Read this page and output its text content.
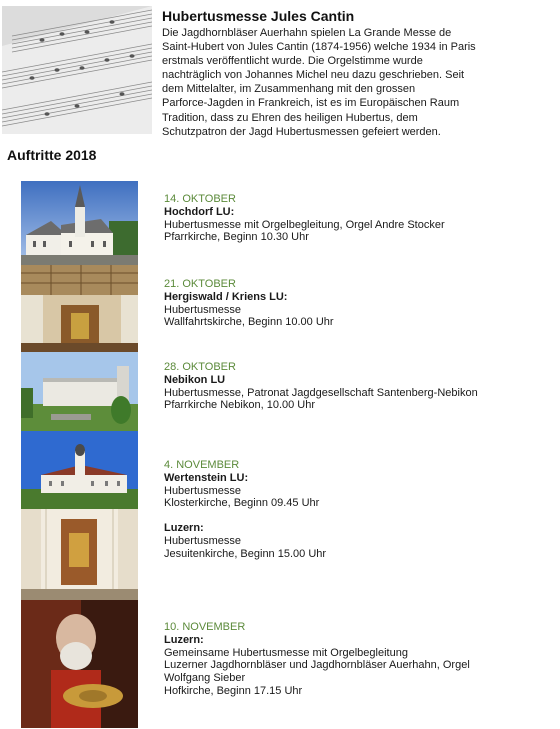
Hubertusmesse Jules Cantin
Die Jagdhornbläser Auerhahn spielen La Grande Messe de
Saint-Hubert von Jules Cantin (1874-1956) welche 1934 in Paris
erstmals veröffentlicht wurde. Die Orgelstimme wurde
nachträglich von Johannes Michel neu dazu geschrieben. Seit
dem Mittelalter, im Zusammenhang mit den grossen
Parforce-Jagden in Frankreich, ist es im Europäischen Raum
Tradition, dass zu Ehren des heiligen Hubertus, dem
Schutzpatron der Jagd Hubertusmessen gefeiert werden.
Auftritte 2018
14. OKTOBER
Hochdorf LU:
Hubertusmesse mit Orgelbegleitung, Orgel Andre Stocker
Pfarrkirche, Beginn 10.30 Uhr
21. OKTOBER
Hergiswald / Kriens LU:
Hubertusmesse
Wallfahrtskirche, Beginn 10.00 Uhr
28. OKTOBER
Nebikon LU
Hubertusmesse, Patronat Jagdgesellschaft Santenberg-Nebikon
Pfarrkirche Nebikon, 10.00 Uhr
4. NOVEMBER
Wertenstein LU:
Hubertusmesse
Klosterkirche, Beginn 09.45 Uhr
Luzern:
Hubertusmesse
Jesuitenkirche, Beginn 15.00 Uhr
10. NOVEMBER
Luzern:
Gemeinsame Hubertusmesse mit Orgelbegleitung
Luzerner Jagdhornbläser und Jagdhornbläser Auerhahn, Orgel
Wolfgang Sieber
Hofkirche, Beginn 17.15 Uhr
